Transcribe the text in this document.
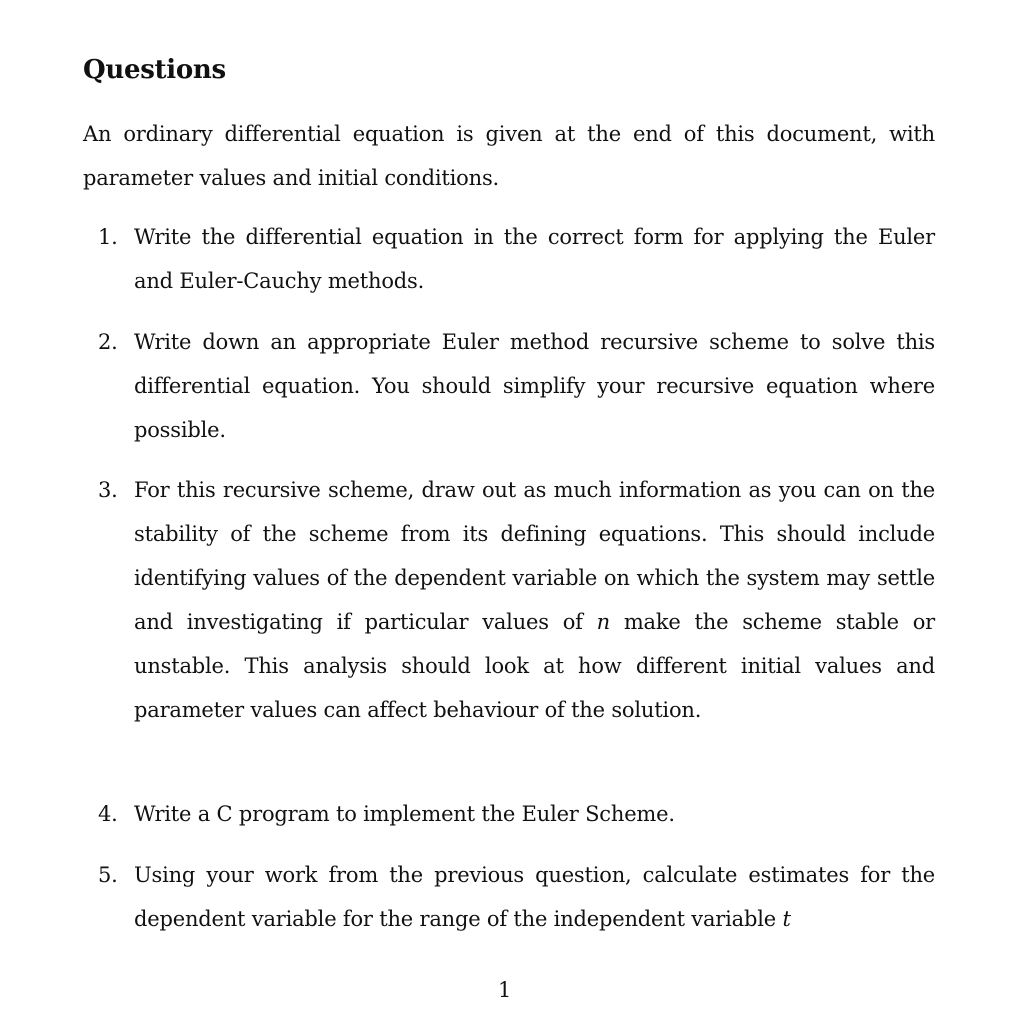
Questions

An ordinary differential equation is given at the end of this document, with parameter values and initial conditions.

1. Write the differential equation in the correct form for applying the Euler and Euler-Cauchy methods.
2. Write down an appropriate Euler method recursive scheme to solve this differential equation. You should simplify your recursive equation where possible.
3. For this recursive scheme, draw out as much information as you can on the stability of the scheme from its defining equations. This should include identifying values of the dependent variable on which the system may settle and investigating if particular values of n make the scheme stable or unstable. This analysis should look at how different initial values and parameter values can affect behaviour of the solution.
4. Write a C program to implement the Euler Scheme.
5. Using your work from the previous question, calculate estimates for the dependent variable for the range of the independent variable t
1
